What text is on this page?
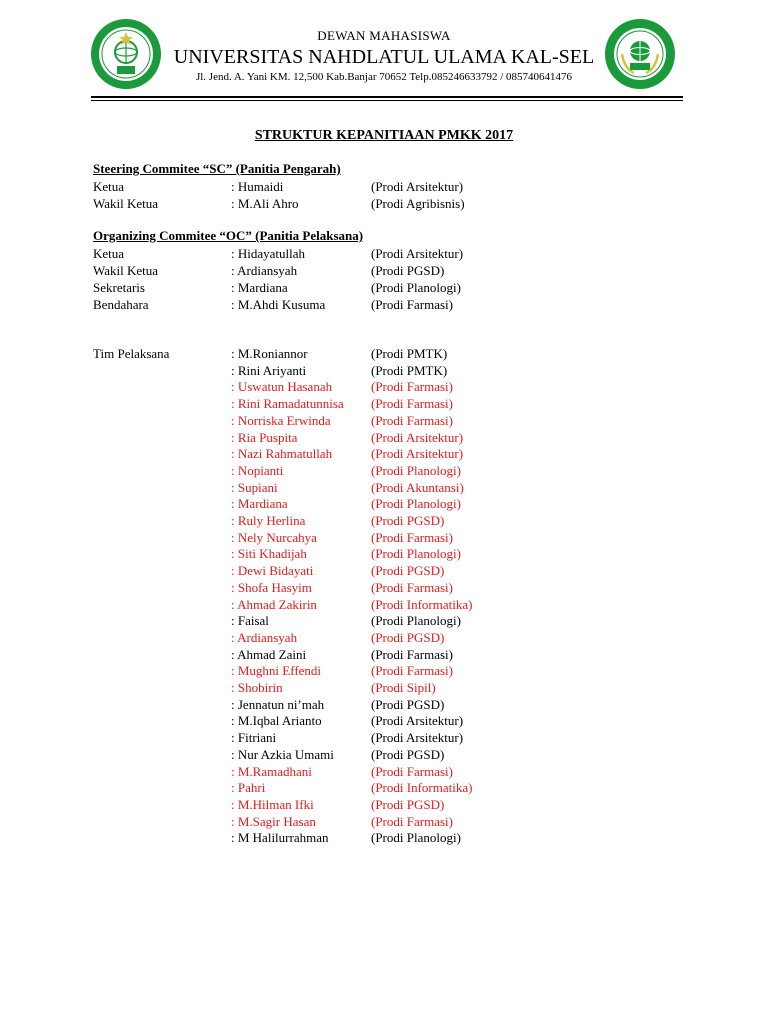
DEWAN MAHASISWA
UNIVERSITAS NAHDLATUL ULAMA KAL-SEL
Jl. Jend. A. Yani KM. 12,500 Kab.Banjar 70652 Telp.085246633792 / 085740641476
STRUKTUR KEPANITIAAN PMKK 2017
Steering Commitee “SC” (Panitia Pengarah)
Ketua	: Humaidi	(Prodi Arsitektur)
Wakil Ketua	: M.Ali Ahro	(Prodi Agribisnis)
Organizing Commitee “OC” (Panitia Pelaksana)
Ketua	: Hidayatullah	(Prodi Arsitektur)
Wakil Ketua	: Ardiansyah	(Prodi PGSD)
Sekretaris	: Mardiana	(Prodi Planologi)
Bendahara	: M.Ahdi Kusuma	(Prodi Farmasi)
Tim Pelaksana	: M.Roniannor	(Prodi PMTK)
: Rini Ariyanti	(Prodi PMTK)
: Uswatun Hasanah	(Prodi Farmasi)
: Rini Ramadatunnisa (Prodi Farmasi)
: Norriska Erwinda	(Prodi Farmasi)
: Ria Puspita	(Prodi Arsitektur)
: Nazi Rahmatullah	(Prodi Arsitektur)
: Nopianti	(Prodi Planologi)
: Supiani	(Prodi Akuntansi)
: Mardiana	(Prodi Planologi)
: Ruly Herlina	(Prodi PGSD)
: Nely Nurcahya	(Prodi Farmasi)
: Siti Khadijah	(Prodi Planologi)
: Dewi Bidayati	(Prodi PGSD)
: Shofa Hasyim	(Prodi Farmasi)
: Ahmad Zakirin	(Prodi Informatika)
: Faisal	(Prodi Planologi)
: Ardiansyah	(Prodi PGSD)
: Ahmad Zaini	(Prodi Farmasi)
: Mughni Effendi	(Prodi Farmasi)
: Shobirin	(Prodi Sipil)
: Jennatun ni’mah	(Prodi PGSD)
: M.Iqbal Arianto	(Prodi Arsitektur)
: Fitriani	(Prodi Arsitektur)
: Nur Azkia Umami	(Prodi PGSD)
: M.Ramadhani	(Prodi Farmasi)
: Pahri	(Prodi Informatika)
: M.Hilman Ifki	(Prodi PGSD)
: M.Sagir Hasan	(Prodi Farmasi)
: M Halilurrahman	(Prodi Planologi)
